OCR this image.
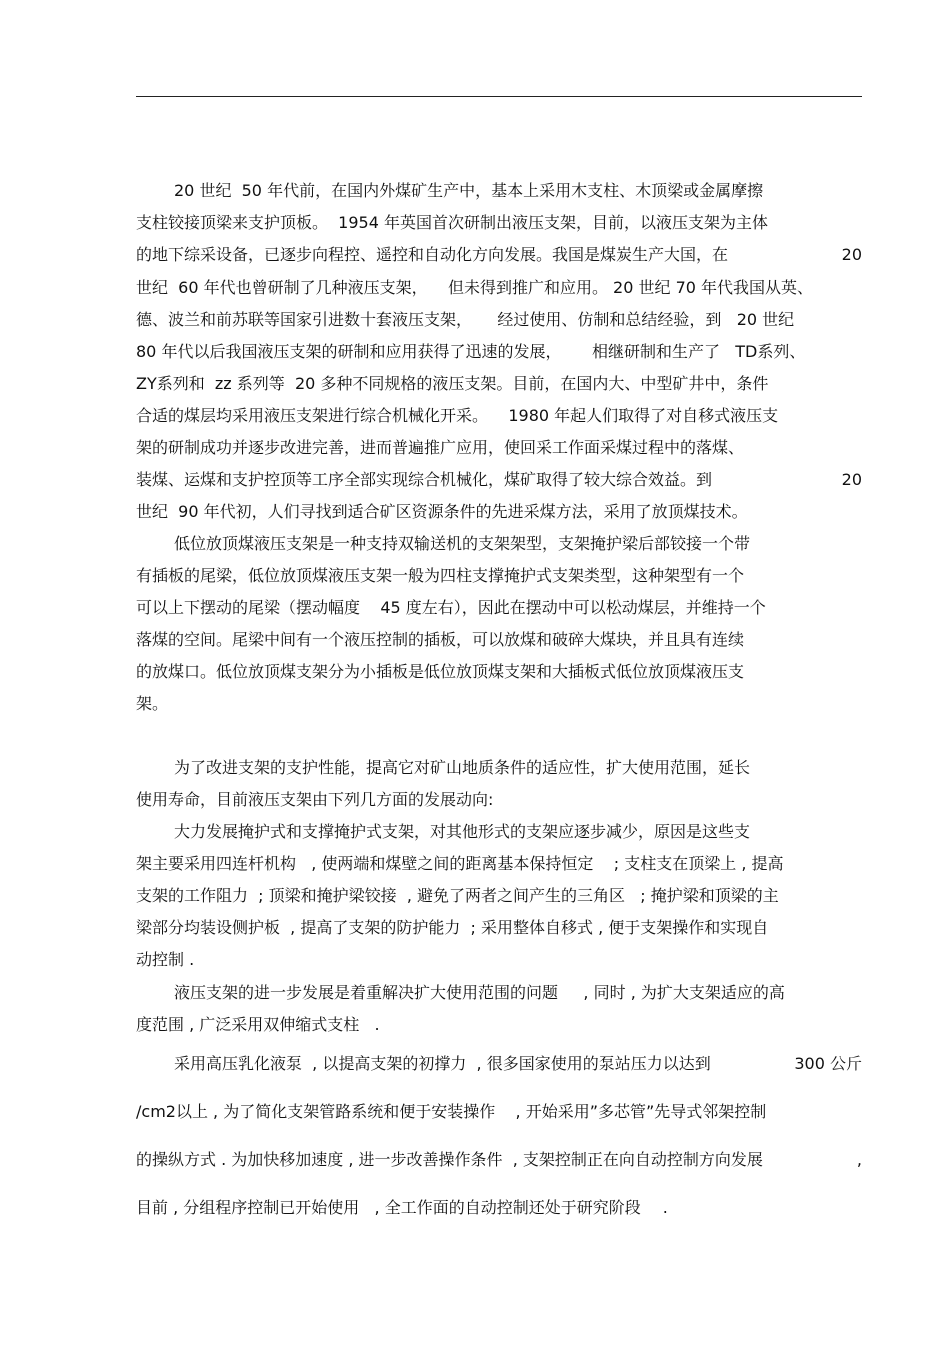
20 世纪  50 年代前，在国内外煤矿生产中，基本上采用木支柱、木顶梁或金属摩擦
支柱铰接顶梁来支护顶板。  1954 年英国首次研制出液压支架，目前，以液压支架为主体
的地下综采设备，已逐步向程控、遥控和自动化方向发展。我国是煤炭生产大国，在	20
世纪  60 年代也曾研制了几种液压支架，    但未得到推广和应用。 20 世纪 70 年代我国从英、
德、波兰和前苏联等国家引进数十套液压支架，     经过使用、仿制和总结经验，到   20 世纪
80 年代以后我国液压支架的研制和应用获得了迅速的发展，      相继研制和生产了   TD系列、
ZY系列和  zz 系列等  20 多种不同规格的液压支架。目前，在国内大、中型矿井中，条件
合适的煤层均采用液压支架进行综合机械化开采。    1980 年起人们取得了对自移式液压支
架的研制成功并逐步改进完善，进而普遍推广应用，使回采工作面采煤过程中的落煤、
装煤、运煤和支护控顶等工序全部实现综合机械化，煤矿取得了较大综合效益。到	20
世纪  90 年代初，人们寻找到适合矿区资源条件的先进采煤方法，采用了放顶煤技术。
低位放顶煤液压支架是一种支持双输送机的支架架型，支架掩护梁后部铰接一个带
有插板的尾梁，低位放顶煤液压支架一般为四柱支撑掩护式支架类型，这种架型有一个
可以上下摆动的尾梁（摆动幅度    45 度左右），因此在摆动中可以松动煤层，并维持一个
落煤的空间。尾梁中间有一个液压控制的插板，可以放煤和破碎大煤块，并且具有连续
的放煤口。低位放顶煤支架分为小插板是低位放顶煤支架和大插板式低位放顶煤液压支
架。
为了改进支架的支护性能，提高它对矿山地质条件的适应性，扩大使用范围，延长
使用寿命，目前液压支架由下列几方面的发展动向:
大力发展掩护式和支撑掩护式支架，对其他形式的支架应逐步减少，原因是这些支
架主要采用四连杆机构   , 使两端和煤壁之间的距离基本保持恒定    ; 支柱支在顶梁上 , 提高
支架的工作阻力  ; 顶梁和掩护梁铰接  , 避免了两者之间产生的三角区   ; 掩护梁和顶梁的主
梁部分均装设侧护板  , 提高了支架的防护能力  ; 采用整体自移式 , 便于支架操作和实现自
动控制 .
液压支架的进一步发展是着重解决扩大使用范围的问题     , 同时 , 为扩大支架适应的高
度范围 , 广泛采用双伸缩式支柱   .
采用高压乳化液泵  , 以提高支架的初撑力  , 很多国家使用的泵站压力以达到	300 公斤
/cm2以上 , 为了简化支架管路系统和便于安装操作    , 开始采用”多芯管”先导式邻架控制
的操纵方式 . 为加快移加速度 , 进一步改善操作条件  , 支架控制正在向自动控制方向发展	,
目前 , 分组程序控制已开始使用   , 全工作面的自动控制还处于研究阶段	.
